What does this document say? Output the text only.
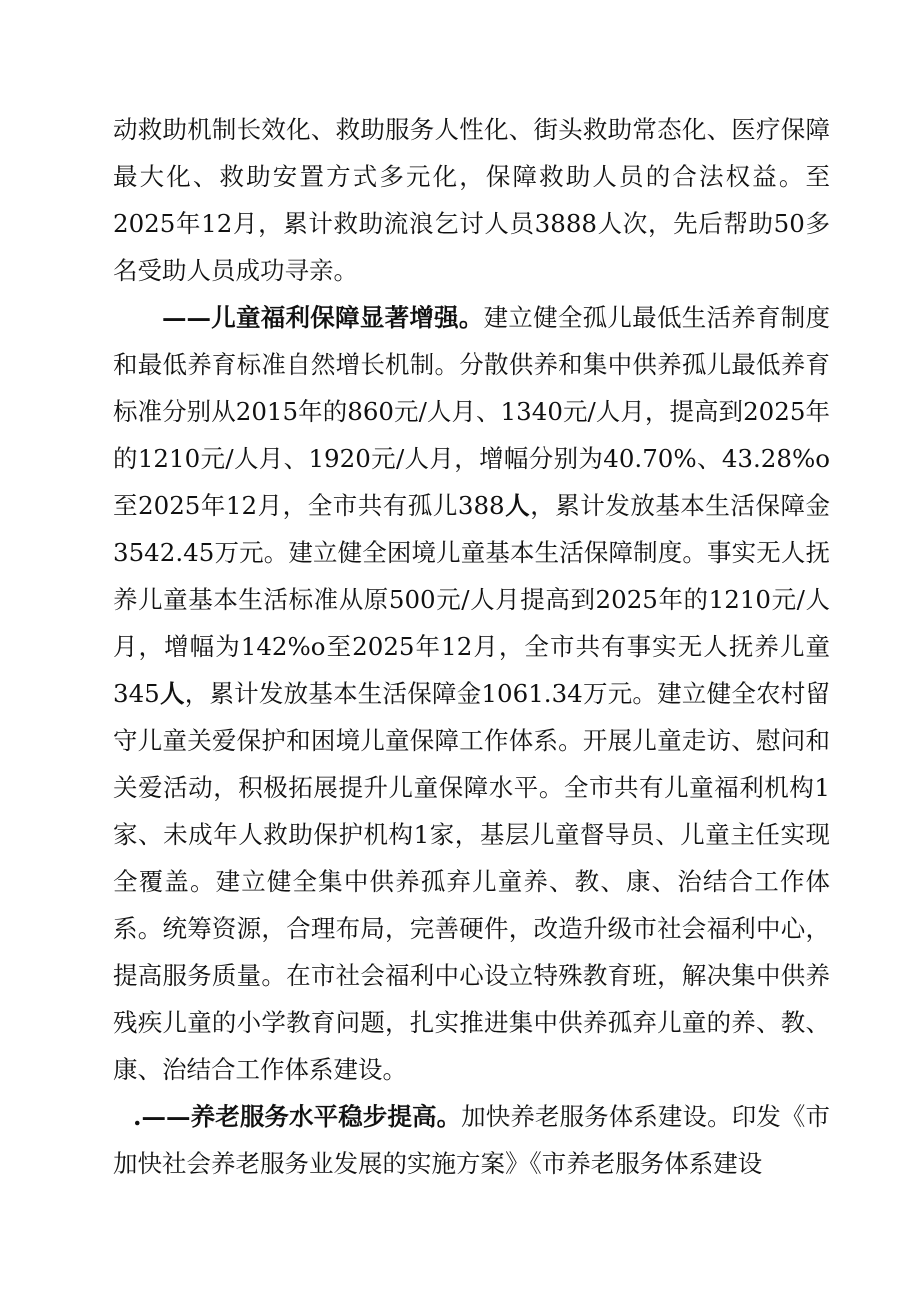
动救助机制长效化、救助服务人性化、街头救助常态化、医疗保障最大化、救助安置方式多元化，保障救助人员的合法权益。至2025年12月，累计救助流浪乞讨人员3888人次，先后帮助50多名受助人员成功寻亲。

——儿童福利保障显著增强。建立健全孤儿最低生活养育制度和最低养育标准自然增长机制。分散供养和集中供养孤儿最低养育标准分别从2015年的860元/人月、1340元/人月，提高到2025年的1210元/人月、1920元/人月，增幅分别为40.70%、43.28%o至2025年12月，全市共有孤儿388人，累计发放基本生活保障金3542.45万元。建立健全困境儿童基本生活保障制度。事实无人抚养儿童基本生活标准从原500元/人月提高到2025年的1210元/人月，增幅为142%o至2025年12月，全市共有事实无人抚养儿童345人，累计发放基本生活保障金1061.34万元。建立健全农村留守儿童关爱保护和困境儿童保障工作体系。开展儿童走访、慰问和关爱活动，积极拓展提升儿童保障水平。全市共有儿童福利机构1家、未成年人救助保护机构1家，基层儿童督导员、儿童主任实现全覆盖。建立健全集中供养孤弃儿童养、教、康、治结合工作体系。统筹资源，合理布局，完善硬件，改造升级市社会福利中心，提高服务质量。在市社会福利中心设立特殊教育班，解决集中供养残疾儿童的小学教育问题，扎实推进集中供养孤弃儿童的养、教、康、治结合工作体系建设。

.——养老服务水平稳步提高。加快养老服务体系建设。印发《市加快社会养老服务业发展的实施方案》《市养老服务体系建设
